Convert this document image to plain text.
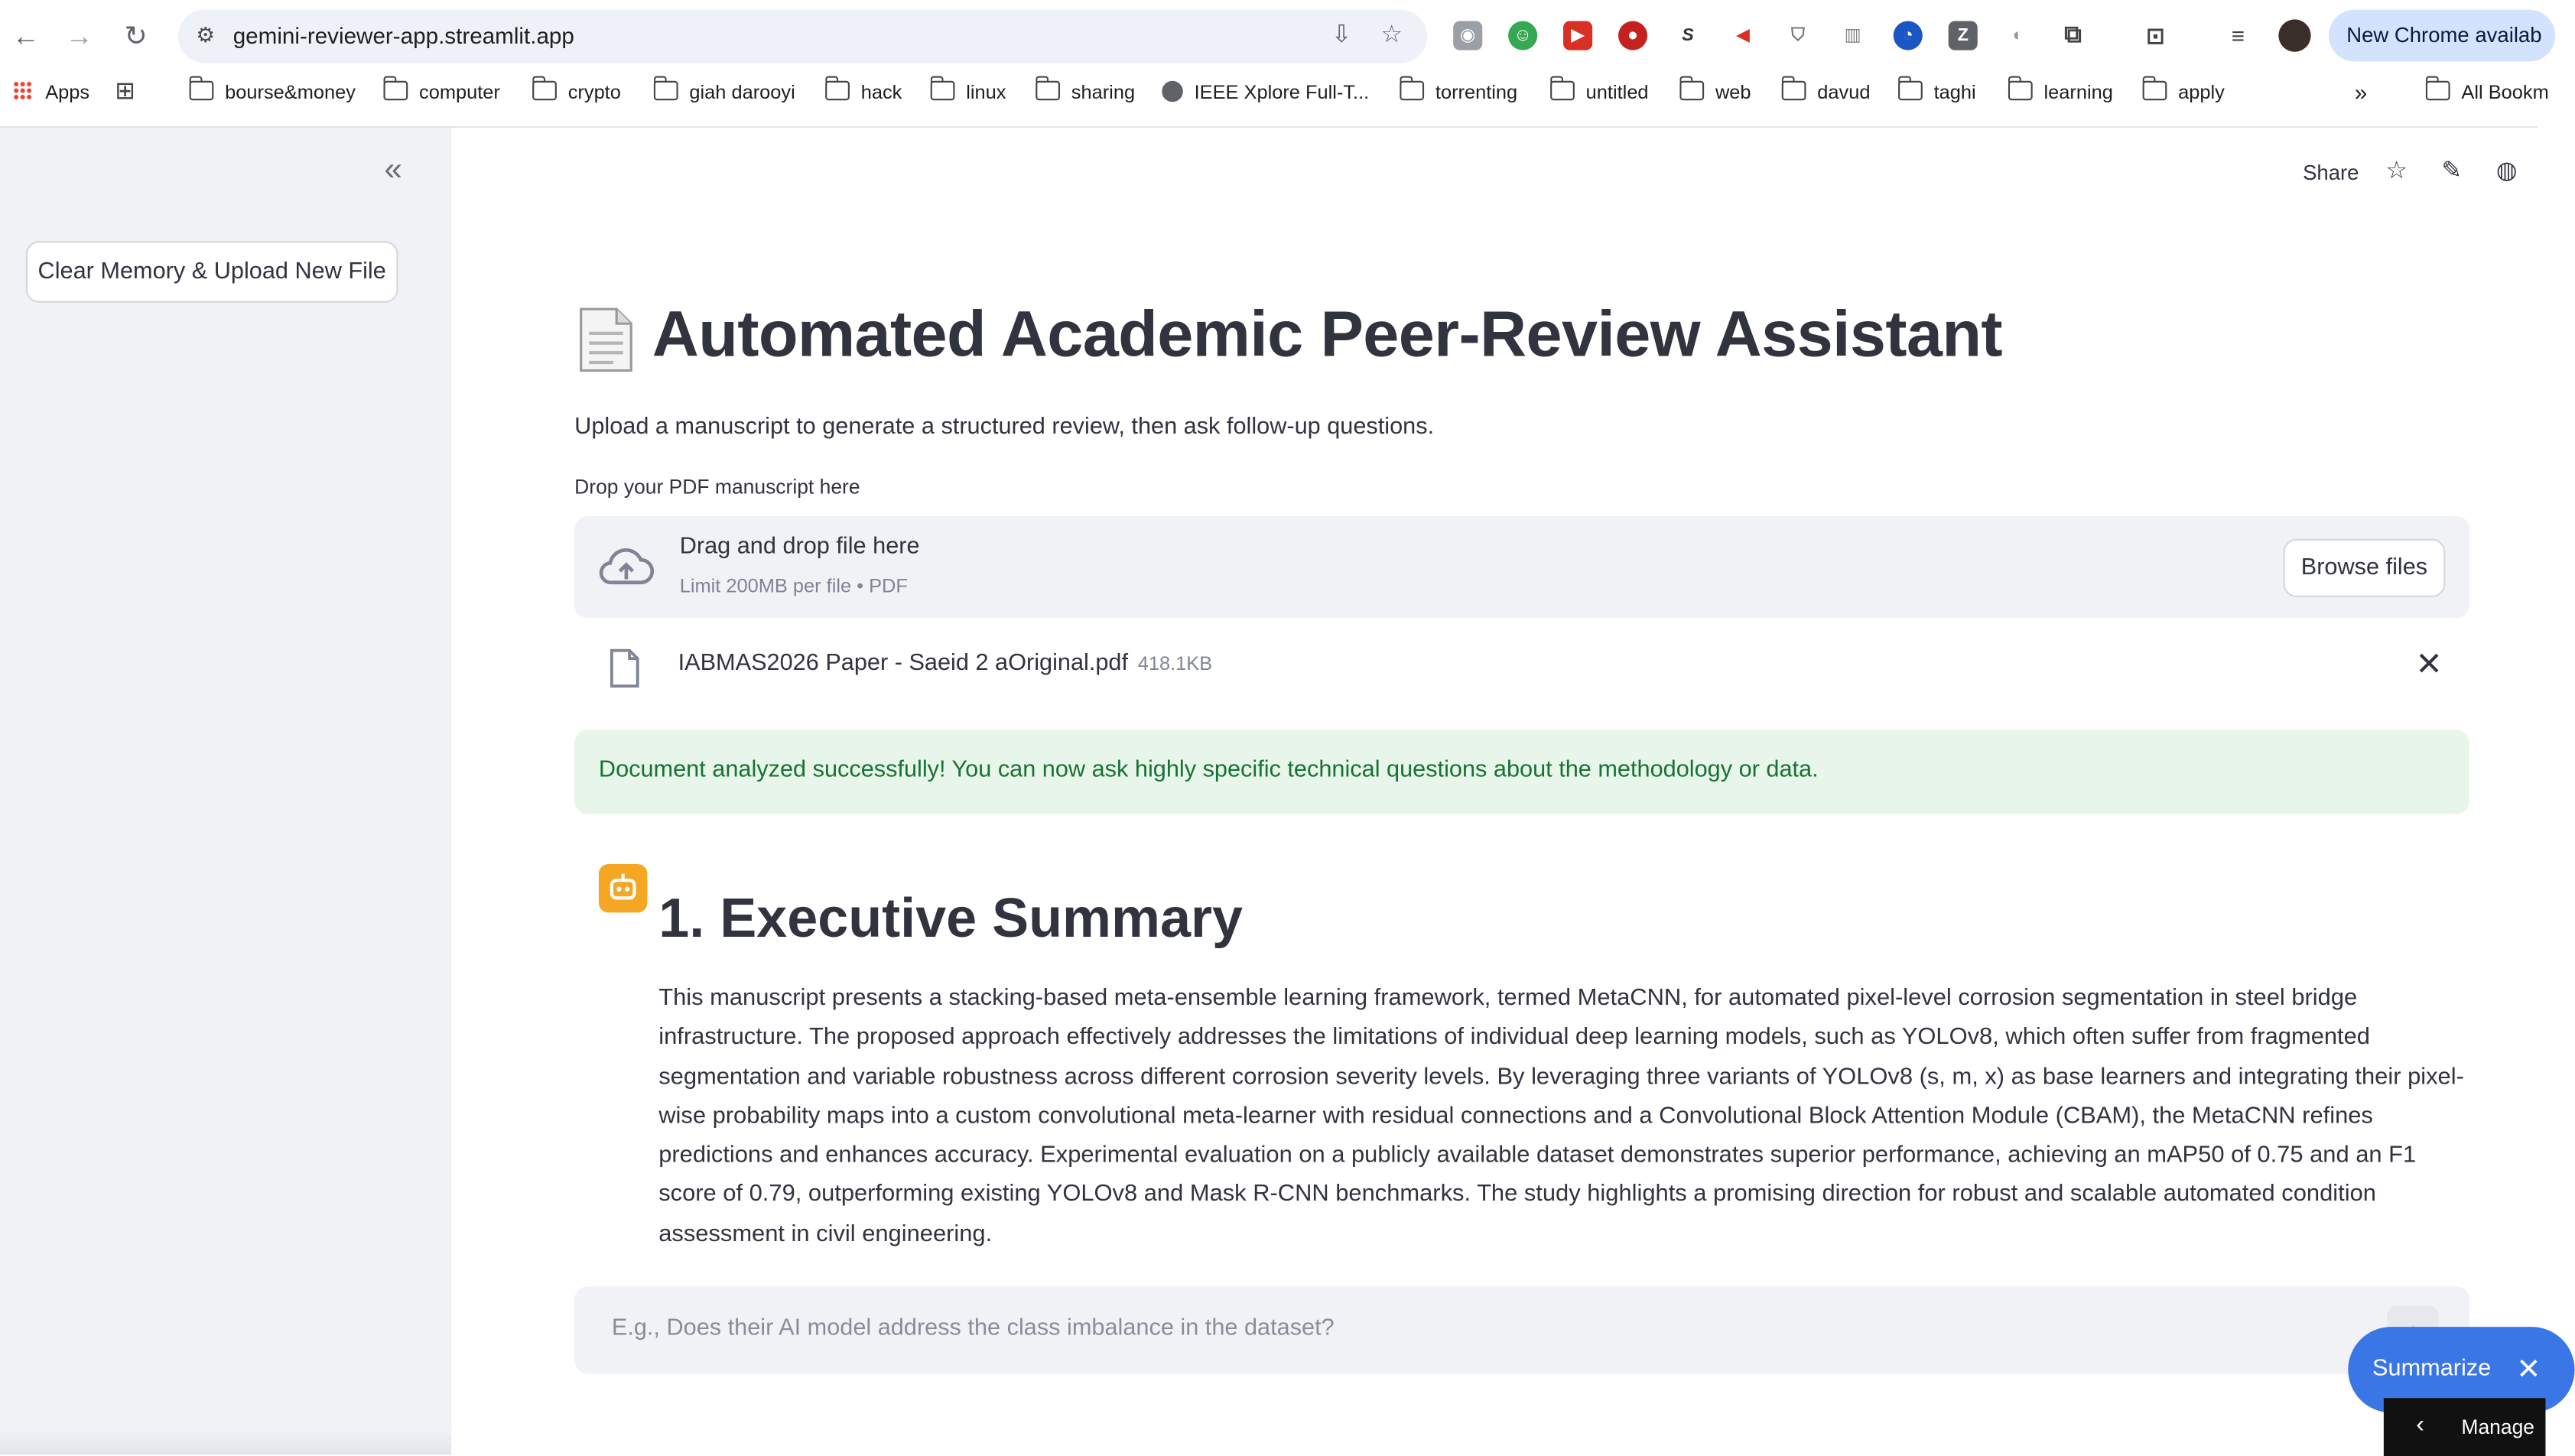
←	→	↻	⚙	gemini-reviewer-app.streamlit.app	⇩	☆	◉	☺	▶	●	S	◀	⛉	▥	◔	Z	◐	⧉	⊡	≡	New Chrome availab
Apps ⊞	bourse&money	computer	crypto	giah darooyi	hack	linux	sharing	IEEE Xplore Full-T...	torrenting	untitled	web	davud	taghi	learning	apply	»	All Bookm
«
Clear Memory & Upload New File
Share	☆	✎	◍
Automated Academic Peer-Review Assistant
Upload a manuscript to generate a structured review, then ask follow-up questions.
Drop your PDF manuscript here
Drag and drop file here
Limit 200MB per file • PDF
Browse files
IABMAS2026 Paper - Saeid 2 aOriginal.pdf 418.1KB	✕
Document analyzed successfully! You can now ask highly specific technical questions about the methodology or data.
1. Executive Summary
This manuscript presents a stacking-based meta-ensemble learning framework, termed MetaCNN, for automated pixel-level corrosion segmentation in steel bridge infrastructure. The proposed approach effectively addresses the limitations of individual deep learning models, such as YOLOv8, which often suffer from fragmented segmentation and variable robustness across different corrosion severity levels. By leveraging three variants of YOLOv8 (s, m, x) as base learners and integrating their pixel-wise probability maps into a custom convolutional meta-learner with residual connections and a Convolutional Block Attention Module (CBAM), the MetaCNN refines predictions and enhances accuracy. Experimental evaluation on a publicly available dataset demonstrates superior performance, achieving an mAP50 of 0.75 and an F1 score of 0.79, outperforming existing YOLOv8 and Mask R-CNN benchmarks. The study highlights a promising direction for robust and scalable automated condition assessment in civil engineering.
E.g., Does their AI model address the class imbalance in the dataset?
Summarize ✕
‹	Manage
